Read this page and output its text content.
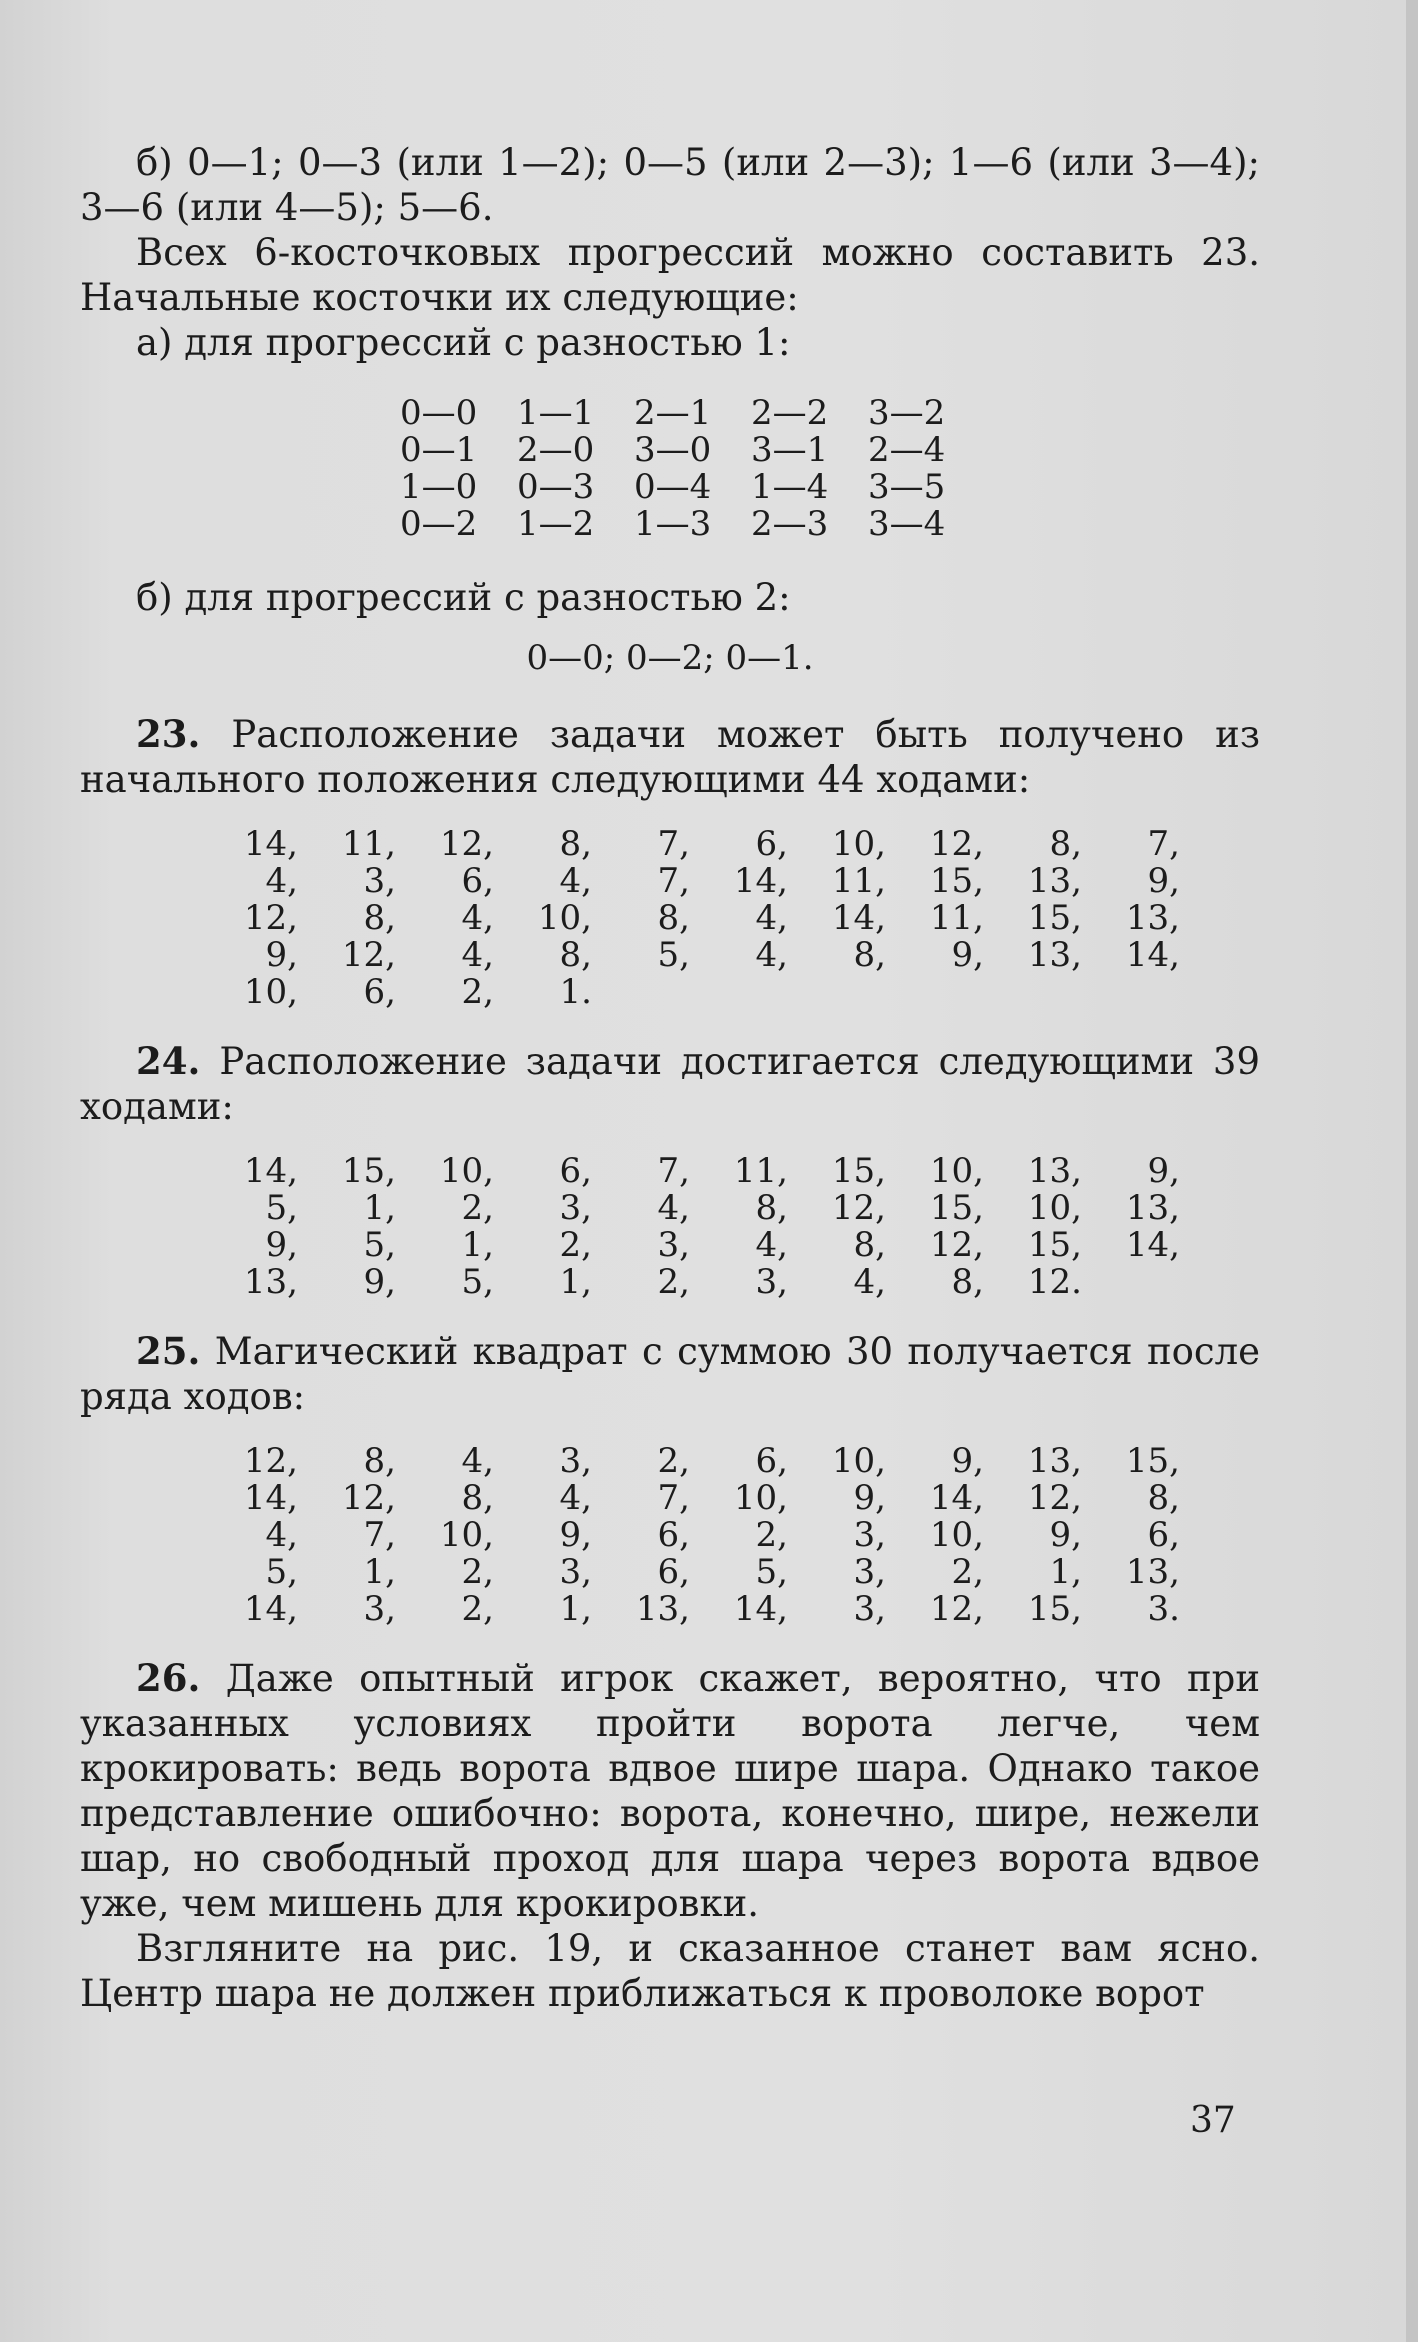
б) 0—1; 0—3 (или 1—2); 0—5 (или 2—3); 1—6 (или 3—4); 3—6 (или 4—5); 5—6.

Всех 6-косточковых прогрессий можно составить 23. Начальные косточки их следующие:

а) для прогрессий с разностью 1:

0—0	1—1	2—1	2—2	3—2
0—1	2—0	3—0	3—1	2—4
1—0	0—3	0—4	1—4	3—5
0—2	1—2	1—3	2—3	3—4

б) для прогрессий с разностью 2:

0—0; 0—2; 0—1.

23. Расположение задачи может быть получено из начального положения следующими 44 ходами:

14,	11,	12,	8,	7,	6,	10,	12,	8,	7,
4,	3,	6,	4,	7,	14,	11,	15,	13,	9,
12,	8,	4,	10,	8,	4,	14,	11,	15,	13,
9,	12,	4,	8,	5,	4,	8,	9,	13,	14,
10,	6,	2,	1.

24. Расположение задачи достигается следующими 39 ходами:

14,	15,	10,	6,	7,	11,	15,	10,	13,	9,
5,	1,	2,	3,	4,	8,	12,	15,	10,	13,
9,	5,	1,	2,	3,	4,	8,	12,	15,	14,
13,	9,	5,	1,	2,	3,	4,	8,	12.

25. Магический квадрат с суммою 30 получается после ряда ходов:

12,	8,	4,	3,	2,	6,	10,	9,	13,	15,
14,	12,	8,	4,	7,	10,	9,	14,	12,	8,
4,	7,	10,	9,	6,	2,	3,	10,	9,	6,
5,	1,	2,	3,	6,	5,	3,	2,	1,	13,
14,	3,	2,	1,	13,	14,	3,	12,	15,	3.

26. Даже опытный игрок скажет, вероятно, что при указанных условиях пройти ворота легче, чем крокировать: ведь ворота вдвое шире шара. Однако такое представление ошибочно: ворота, конечно, шире, нежели шар, но свободный проход для шара через ворота вдвое уже, чем мишень для крокировки.

Взгляните на рис. 19, и сказанное станет вам ясно. Центр шара не должен приближаться к проволоке ворот

37
